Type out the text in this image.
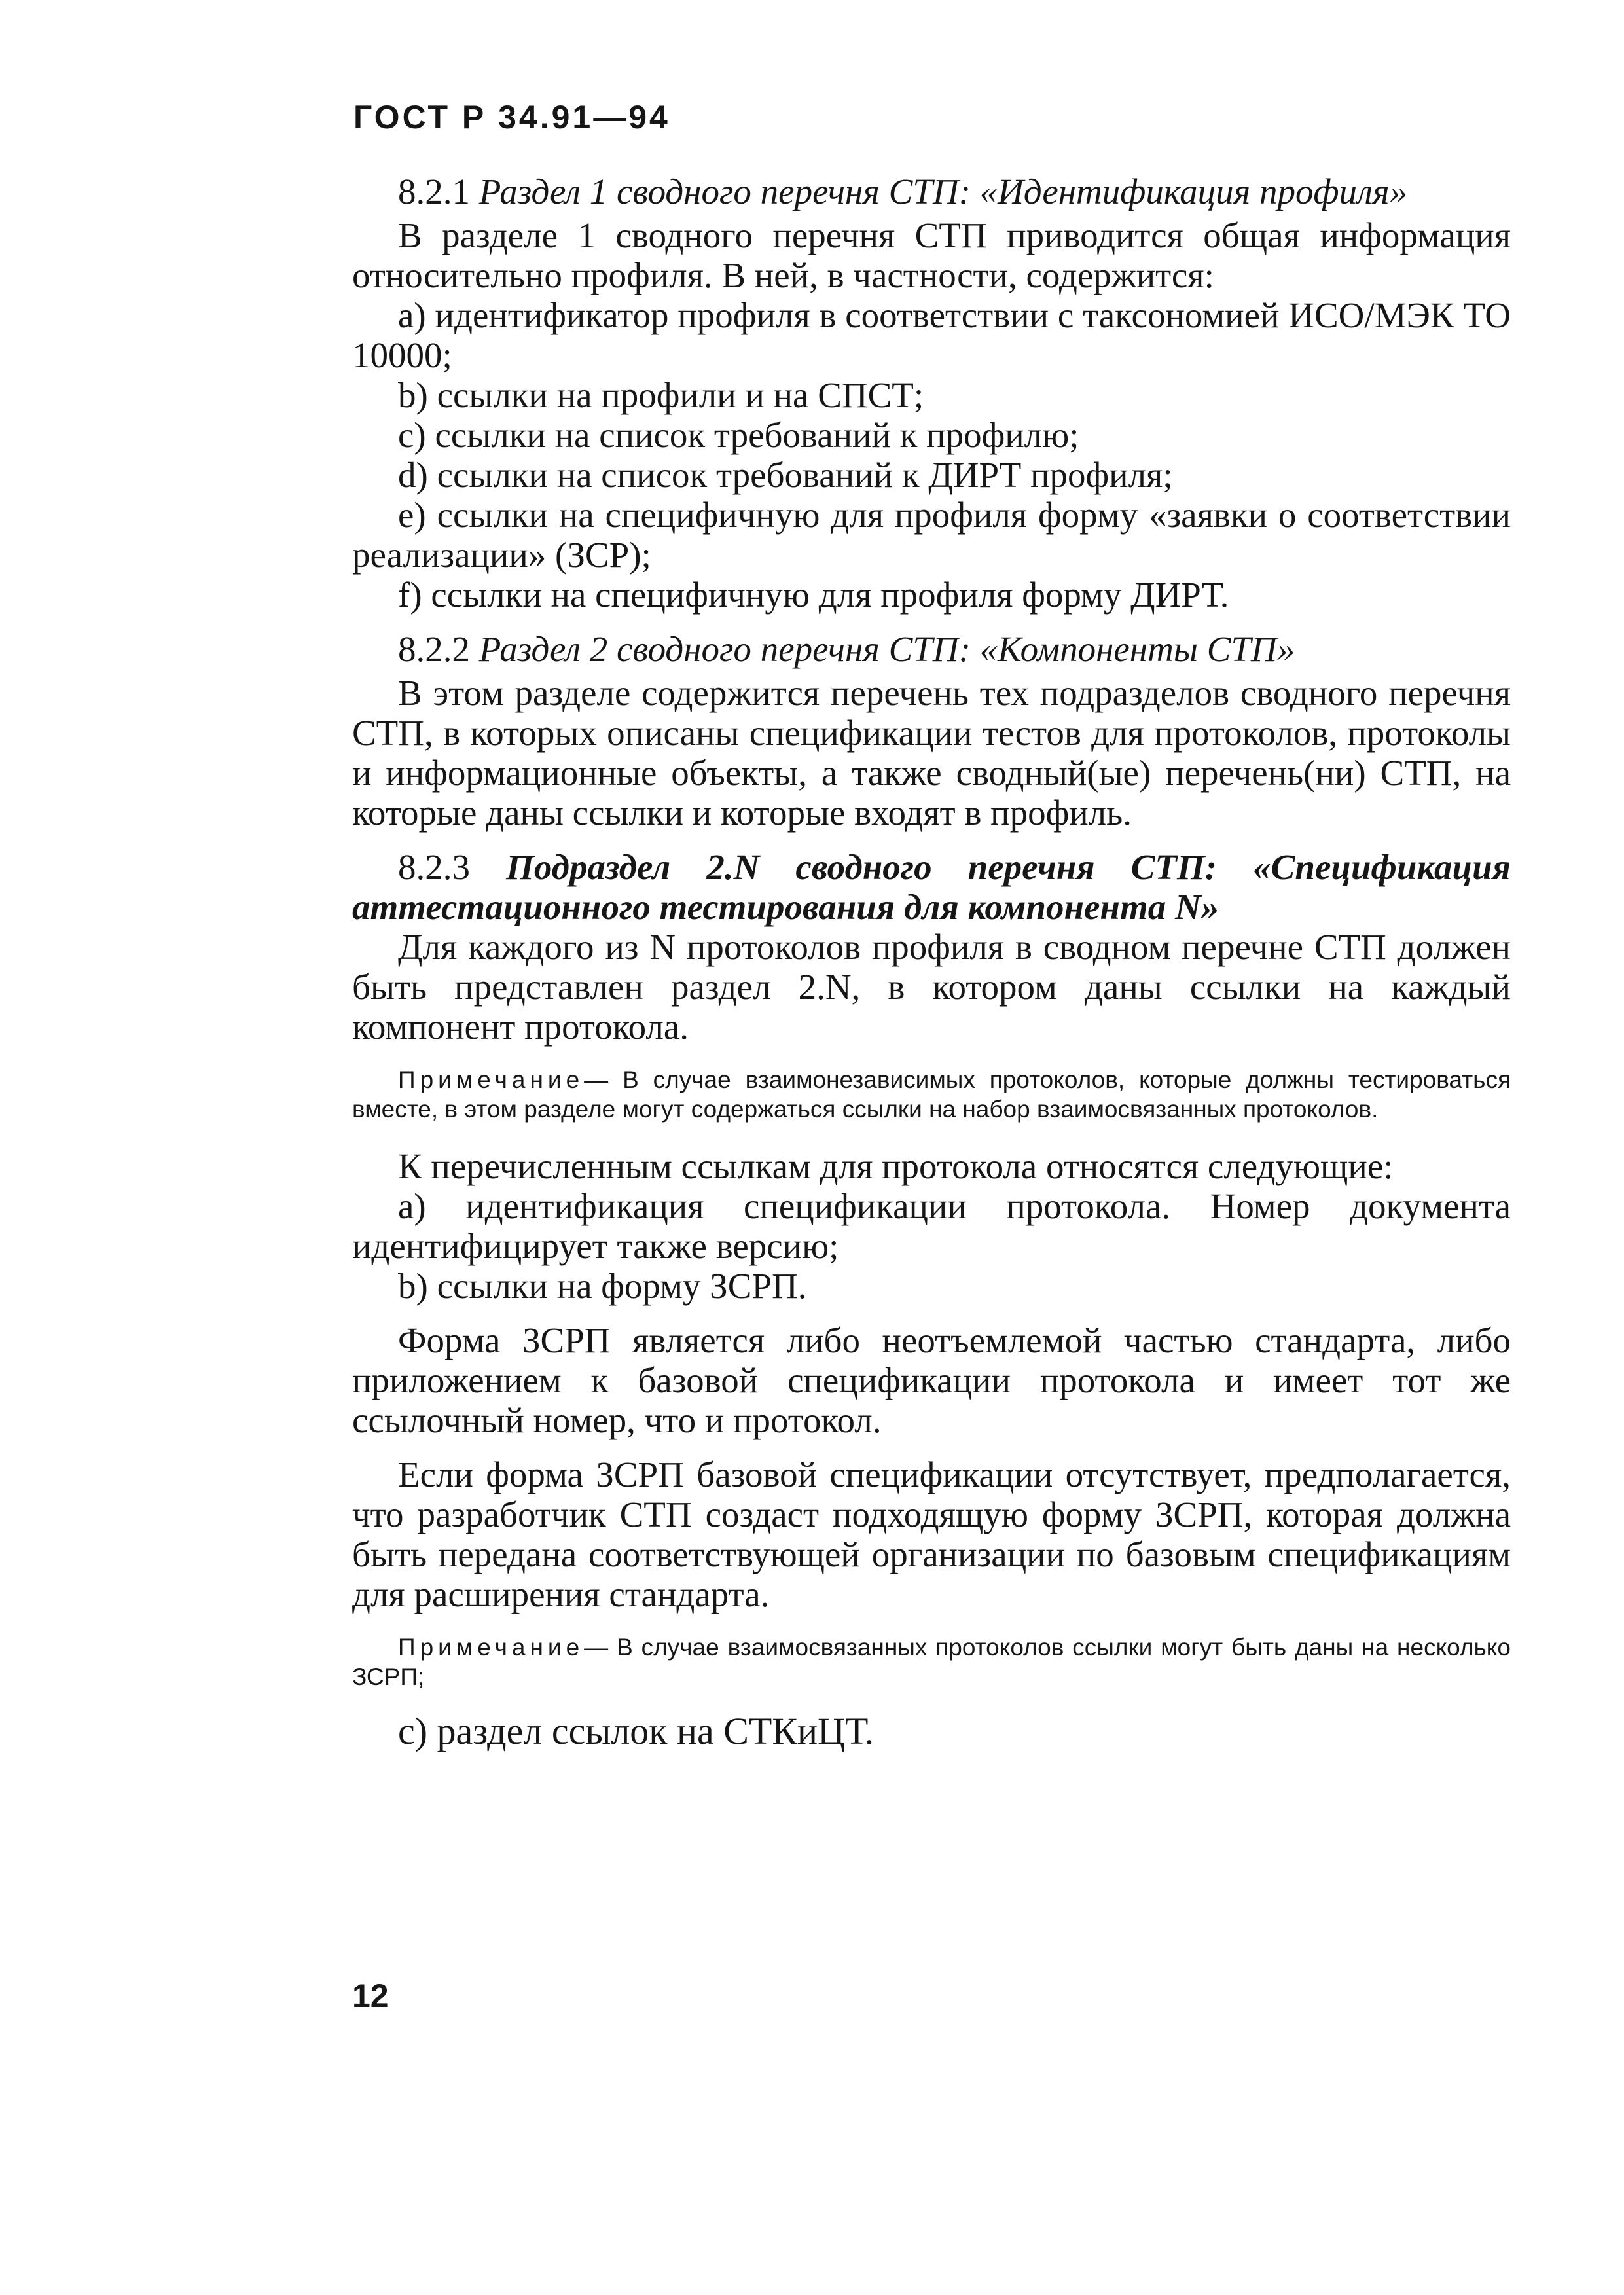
ГОСТ Р 34.91—94

8.2.1 Раздел 1 сводного перечня СТП: «Идентификация профиля»

В разделе 1 сводного перечня СТП приводится общая информация относительно профиля. В ней, в частности, содержится:

a) идентификатор профиля в соответствии с таксономией ИСО/МЭК ТО 10000;

b) ссылки на профили и на СПСТ;

c) ссылки на список требований к профилю;

d) ссылки на список требований к ДИРТ профиля;

e) ссылки на специфичную для профиля форму «заявки о соответствии реализации» (ЗСР);

f) ссылки на специфичную для профиля форму ДИРТ.

8.2.2 Раздел 2 сводного перечня СТП: «Компоненты СТП»

В этом разделе содержится перечень тех подразделов сводного перечня СТП, в которых описаны спецификации тестов для протоколов, протоколы и информационные объекты, а также сводный(ые) перечень(ни) СТП, на которые даны ссылки и которые входят в профиль.

8.2.3 Подраздел 2.N сводного перечня СТП: «Спецификация аттестационного тестирования для компонента N»

Для каждого из N протоколов профиля в сводном перечне СТП должен быть представлен раздел 2.N, в котором даны ссылки на каждый компонент протокола.

Примечание— В случае взаимонезависимых протоколов, которые должны тестироваться вместе, в этом разделе могут содержаться ссылки на набор взаимосвязанных протоколов.

К перечисленным ссылкам для протокола относятся следующие:

a) идентификация спецификации протокола. Номер документа идентифицирует также версию;

b) ссылки на форму ЗСРП.

Форма ЗСРП является либо неотъемлемой частью стандарта, либо приложением к базовой спецификации протокола и имеет тот же ссылочный номер, что и протокол.

Если форма ЗСРП базовой спецификации отсутствует, предполагается, что разработчик СТП создаст подходящую форму ЗСРП, которая должна быть передана соответствующей организации по базовым спецификациям для расширения стандарта.

Примечание— В случае взаимосвязанных протоколов ссылки могут быть даны на несколько ЗСРП;

c) раздел ссылок на СТКиЦТ.

12
